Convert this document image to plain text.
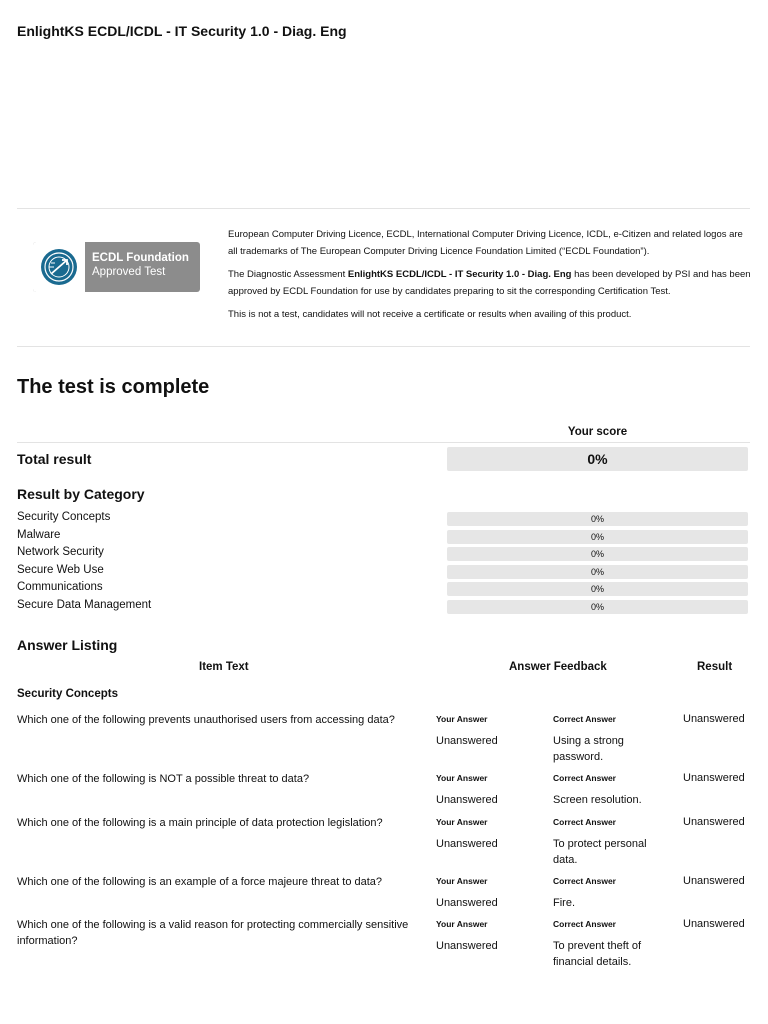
EnlightKS ECDL/ICDL - IT Security 1.0 - Diag. Eng
ECDL Foundation
Approved Test

European Computer Driving Licence, ECDL, International Computer Driving Licence, ICDL, e-Citizen and related logos are all trademarks of The European Computer Driving Licence Foundation Limited (“ECDL Foundation”).

The Diagnostic Assessment EnlightKS ECDL/ICDL - IT Security 1.0 - Diag. Eng has been developed by PSI and has been approved by ECDL Foundation for use by candidates preparing to sit the corresponding Certification Test.

This is not a test, candidates will not receive a certificate or results when availing of this product.

The test is complete
Your score
Total result	0%
Result by Category
Security Concepts	0%
Malware	0%
Network Security	0%
Secure Web Use	0%
Communications	0%
Secure Data Management	0%
Answer Listing
Item Text	Answer Feedback	Result
Security Concepts
Which one of the following prevents unauthorised users from accessing data?	Your Answer	Correct Answer	Unanswered
Unanswered	Using a strong password.
Which one of the following is NOT a possible threat to data?	Your Answer	Correct Answer	Unanswered
Unanswered	Screen resolution.
Which one of the following is a main principle of data protection legislation?	Your Answer	Correct Answer	Unanswered
Unanswered	To protect personal data.
Which one of the following is an example of a force majeure threat to data?	Your Answer	Correct Answer	Unanswered
Unanswered	Fire.
Which one of the following is a valid reason for protecting commercially sensitive information?
Your Answer	Correct Answer	Unanswered
Unanswered	To prevent theft of financial details.
